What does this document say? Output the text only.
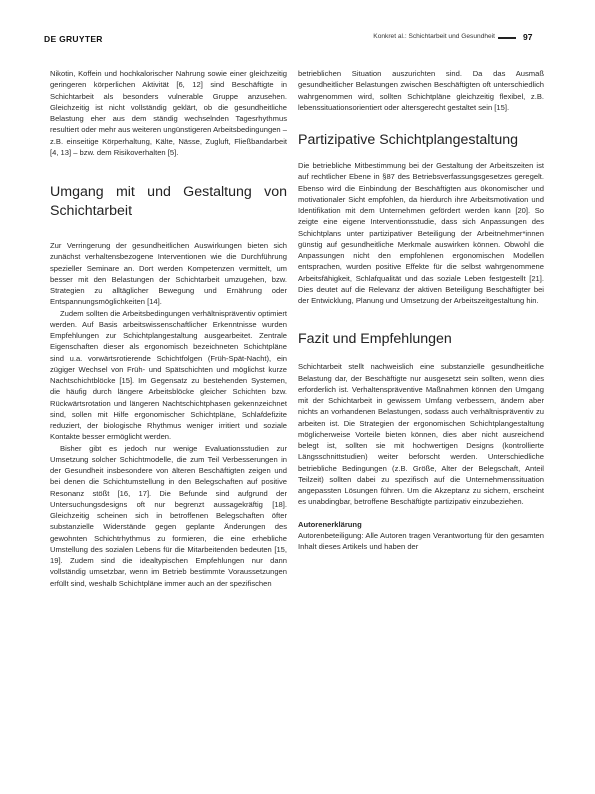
DE GRUYTER	Konkret al.: Schichtarbeit und Gesundheit	97

Nikotin, Koffein und hochkalorischer Nahrung sowie einer gleichzeitig geringeren körperlichen Aktivität [6, 12] sind Beschäftigte in Schichtarbeit als besonders vulnerable Gruppe anzusehen. Gleichzeitig ist nicht vollständig geklärt, ob die gesundheitliche Belastung eher aus dem ständig wechselnden Tagesrhythmus resultiert oder mehr aus weiteren ungünstigeren Arbeitsbedingungen – z.B. einseitige Körperhaltung, Kälte, Nässe, Zugluft, Fließbandarbeit [4, 13] – bzw. dem Risikoverhalten [5].

Umgang mit und Gestaltung von Schichtarbeit

Zur Verringerung der gesundheitlichen Auswirkungen bieten sich zunächst verhaltensbezogene Interventionen wie die Durchführung spezieller Seminare an. Dort werden Kompetenzen vermittelt, um besser mit den Belastungen der Schichtarbeit umzugehen, bzw. Strategien zu alltäglicher Bewegung und Ernährung oder Entspannungsmöglichkeiten [14].

Zudem sollten die Arbeitsbedingungen verhältnispräventiv optimiert werden. Auf Basis arbeitswissenschaftlicher Erkenntnisse wurden Empfehlungen zur Schichtplangestaltung ausgearbeitet. Zentrale Eigenschaften dieser als ergonomisch bezeichneten Schichtpläne sind u.a. vorwärtsrotierende Schichtfolgen (Früh-Spät-Nacht), ein zügiger Wechsel von Früh- und Spätschichten und möglichst kurze Nachtschichtblöcke [15]. Im Gegensatz zu bestehenden Systemen, die häufig durch längere Arbeitsblöcke gleicher Schichten bzw. Rückwärtsrotation und längeren Nachtschichtphasen gekennzeichnet sind, sollen mit Hilfe ergonomischer Schichtpläne, Schlafdefizite reduziert, der biologische Rhythmus weniger irritiert und soziale Kontakte besser ermöglicht werden.

Bisher gibt es jedoch nur wenige Evaluationsstudien zur Umsetzung solcher Schichtmodelle, die zum Teil Verbesserungen in der Gesundheit insbesondere von älteren Beschäftigten zeigen und bei denen die Schichtumstellung in den Belegschaften auf positive Resonanz stößt [16, 17]. Die Befunde sind aufgrund der Untersuchungsdesigns oft nur begrenzt aussagekräftig [18]. Gleichzeitig scheinen sich in betroffenen Belegschaften öfter substanzielle Widerstände gegen geplante Änderungen des gewohnten Schichtrhythmus zu formieren, die eine erhebliche Umstellung des sozialen Lebens für die Mitarbeitenden bedeuten [15, 19]. Zudem sind die idealtypischen Empfehlungen nur dann vollständig umsetzbar, wenn im Betrieb bestimmte Voraussetzungen erfüllt sind, weshalb Schichtpläne immer auch an der spezifischen

betrieblichen Situation auszurichten sind. Da das Ausmaß gesundheitlicher Belastungen zwischen Beschäftigten oft unterschiedlich wahrgenommen wird, sollten Schichtpläne gleichzeitig flexibel, z.B. lebenssituationsorientiert oder altersgerecht gestaltet sein [15].

Partizipative Schichtplangestaltung

Die betriebliche Mitbestimmung bei der Gestaltung der Arbeitszeiten ist auf rechtlicher Ebene in §87 des Betriebsverfassungsgesetzes geregelt. Ebenso wird die Einbindung der Beschäftigten aus ökonomischer und motivationaler Sicht empfohlen, da hierdurch ihre Arbeitsmotivation und Identifikation mit dem Unternehmen gefördert werden kann [20]. So zeigte eine eigene Interventionsstudie, dass sich Anpassungen des Schichtplans unter partizipativer Beteiligung der Arbeitnehmer*innen günstig auf gesundheitliche Merkmale auswirken können. Obwohl die Anpassungen nicht den empfohlenen ergonomischen Modellen entsprachen, wurden positive Effekte für die selbst wahrgenommene Arbeitsfähigkeit, Schlafqualität und das soziale Leben festgestellt [21]. Dies deutet auf die Relevanz der aktiven Beteiligung Beschäftigter bei der Entwicklung, Planung und Umsetzung der Arbeitszeitgestaltung hin.

Fazit und Empfehlungen

Schichtarbeit stellt nachweislich eine substanzielle gesundheitliche Belastung dar, der Beschäftigte nur ausgesetzt sein sollten, wenn dies erforderlich ist. Verhaltenspräventive Maßnahmen können den Umgang mit der Schichtarbeit in gewissem Umfang verbessern, ändern aber nichts an vorhandenen Belastungen, sodass auch verhältnispräventiv zu arbeiten ist. Die Strategien der ergonomischen Schichtplangestaltung möglicherweise Vorteile bieten können, dies aber nicht ausreichend belegt ist, sollten sie mit hochwertigen Designs (kontrollierte Längsschnittstudien) weiter beforscht werden. Unterschiedliche betriebliche Bedingungen (z.B. Größe, Alter der Belegschaft, Anteil Teilzeit) sollten dabei zu spezifisch auf die Unternehmenssituation angepassten Lösungen führen. Um die Akzeptanz zu sichern, erscheint es unabdingbar, betroffene Beschäftigte partizipativ einzubeziehen.

Autorenerklärung

Autorenbeteiligung: Alle Autoren tragen Verantwortung für den gesamten Inhalt dieses Artikels und haben der
